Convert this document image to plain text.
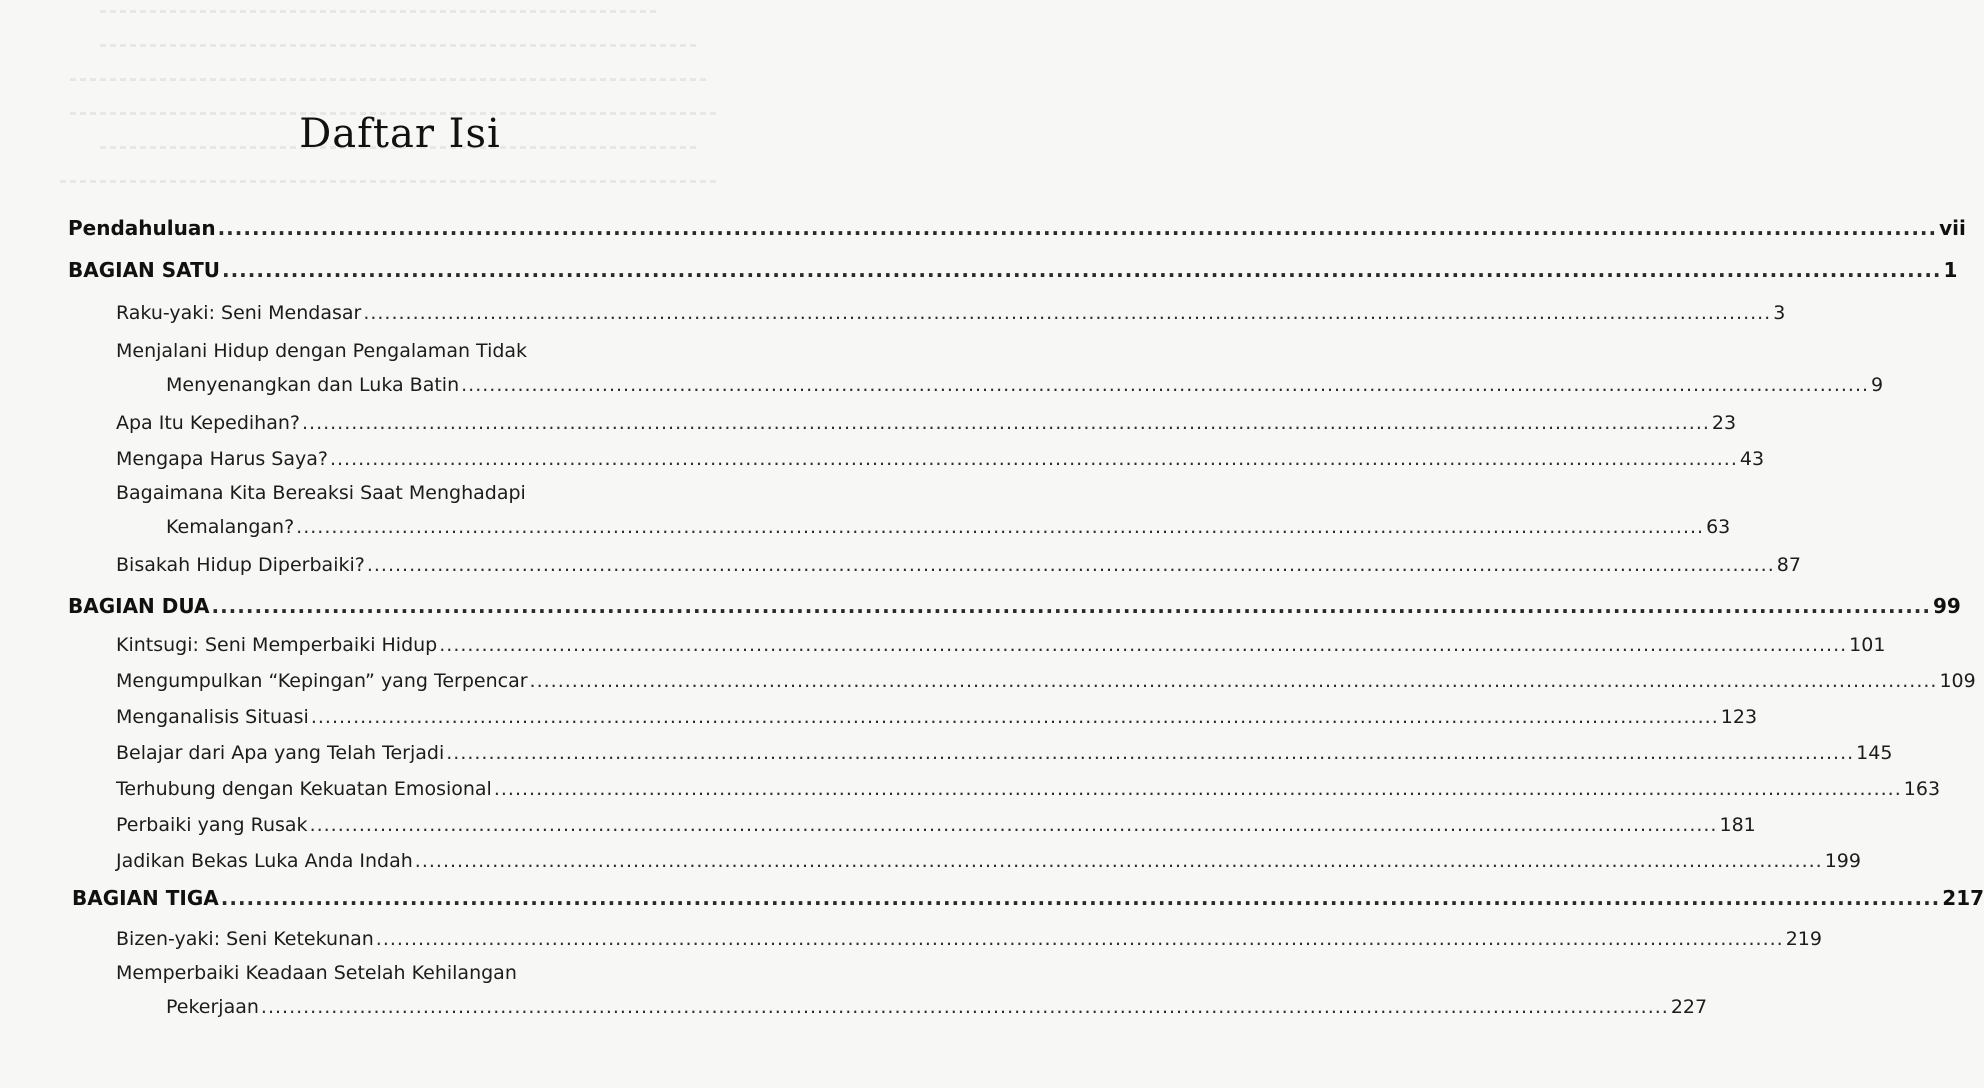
Daftar Isi
Pendahuluan ........................................................................................................................................................................................................ vii
BAGIAN SATU ........................................................................................................................................................................................................ 1
Raku-yaki: Seni Mendasar ........................................................................................................................................................................................................ 3
Menjalani Hidup dengan Pengalaman Tidak
Menyenangkan dan Luka Batin ........................................................................................................................................................................................................ 9
Apa Itu Kepedihan? ........................................................................................................................................................................................................ 23
Mengapa Harus Saya? ........................................................................................................................................................................................................ 43
Bagaimana Kita Bereaksi Saat Menghadapi
Kemalangan? ........................................................................................................................................................................................................ 63
Bisakah Hidup Diperbaiki? ........................................................................................................................................................................................................ 87
BAGIAN DUA ........................................................................................................................................................................................................ 99
Kintsugi: Seni Memperbaiki Hidup ........................................................................................................................................................................................................ 101
Mengumpulkan “Kepingan” yang Terpencar ........................................................................................................................................................................................................ 109
Menganalisis Situasi ........................................................................................................................................................................................................ 123
Belajar dari Apa yang Telah Terjadi ........................................................................................................................................................................................................ 145
Terhubung dengan Kekuatan Emosional ........................................................................................................................................................................................................ 163
Perbaiki yang Rusak ........................................................................................................................................................................................................ 181
Jadikan Bekas Luka Anda Indah ........................................................................................................................................................................................................ 199
BAGIAN TIGA ........................................................................................................................................................................................................ 217
Bizen-yaki: Seni Ketekunan ........................................................................................................................................................................................................ 219
Memperbaiki Keadaan Setelah Kehilangan
Pekerjaan ........................................................................................................................................................................................................ 227
